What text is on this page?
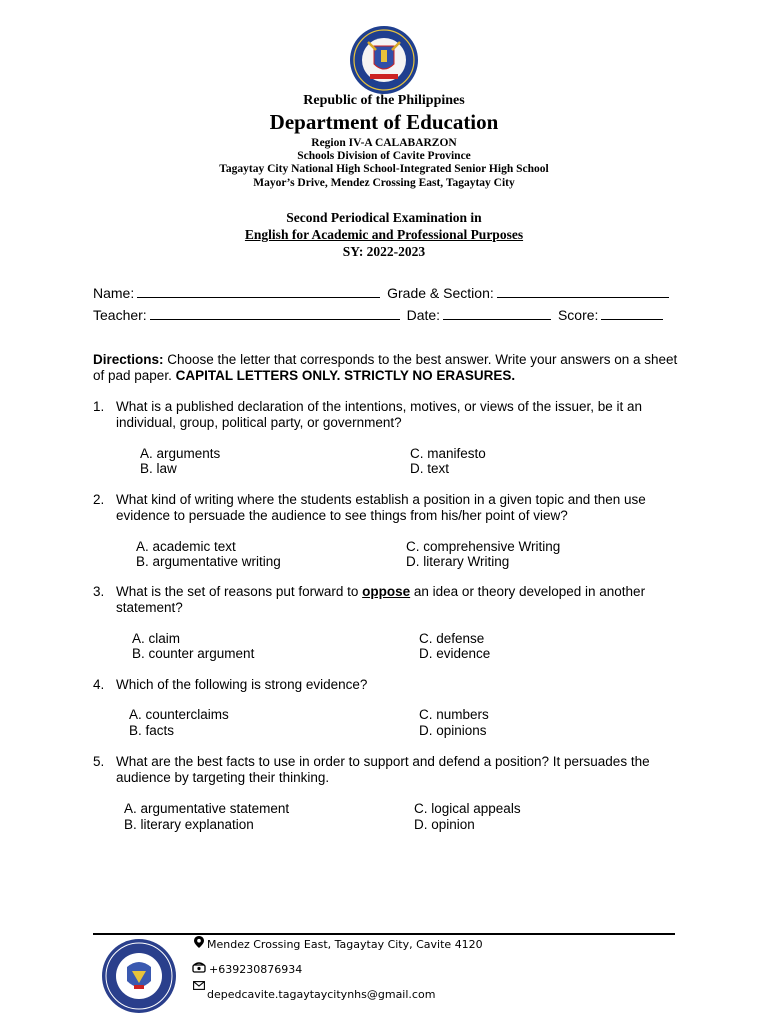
Republic of the Philippines
Department of Education
Region IV-A CALABARZON
Schools Division of Cavite Province
Tagaytay City National High School-Integrated Senior High School
Mayor’s Drive, Mendez Crossing East, Tagaytay City
Second Periodical Examination in
English for Academic and Professional Purposes
SY: 2022-2023
Name:	Grade & Section:
Teacher:	Date:	Score:
Directions: Choose the letter that corresponds to the best answer. Write your answers on a sheet of pad paper. CAPITAL LETTERS ONLY. STRICTLY NO ERASURES.
1. What is a published declaration of the intentions, motives, or views of the issuer, be it an individual, group, political party, or government?
A. arguments	C. manifesto
B. law	D. text
2. What kind of writing where the students establish a position in a given topic and then use evidence to persuade the audience to see things from his/her point of view?
A. academic text	C. comprehensive Writing
B. argumentative writing	D. literary Writing
3. What is the set of reasons put forward to oppose an idea or theory developed in another statement?
A. claim	C. defense
B. counter argument	D. evidence
4. Which of the following is strong evidence?
A. counterclaims	C. numbers
B. facts	D. opinions
5. What are the best facts to use in order to support and defend a position? It persuades the audience by targeting their thinking.
A. argumentative statement	C. logical appeals
B. literary explanation	D. opinion
Mendez Crossing East, Tagaytay City, Cavite 4120
+639230876934
depedcavite.tagaytaycitynhs@gmail.com
